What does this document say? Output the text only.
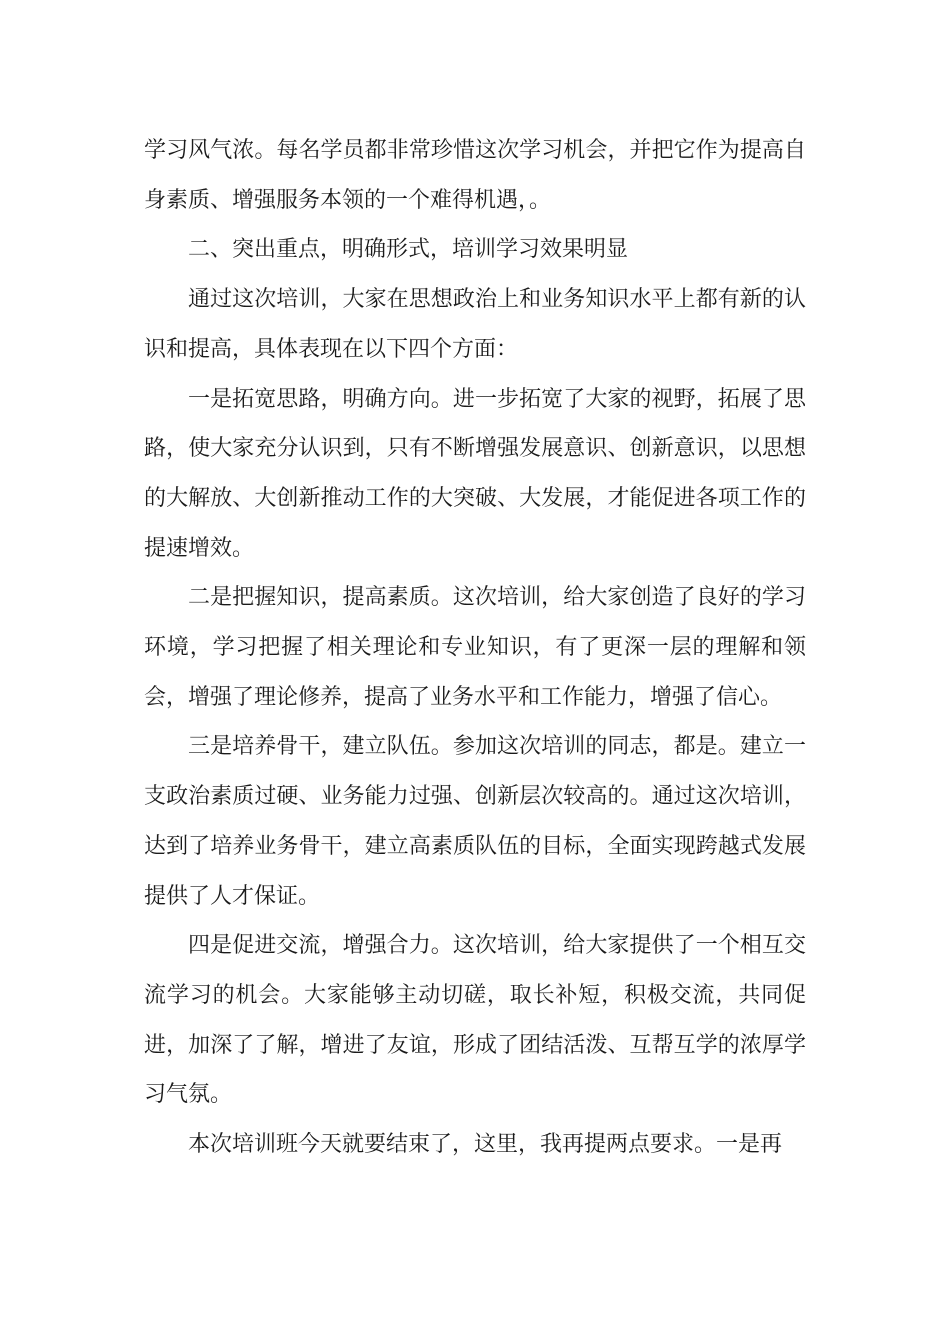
学习风气浓。每名学员都非常珍惜这次学习机会，并把它作为提高自身素质、增强服务本领的一个难得机遇，。

二、突出重点，明确形式，培训学习效果明显

通过这次培训，大家在思想政治上和业务知识水平上都有新的认识和提高，具体表现在以下四个方面：

一是拓宽思路，明确方向。进一步拓宽了大家的视野，拓展了思路，使大家充分认识到，只有不断增强发展意识、创新意识，以思想的大解放、大创新推动工作的大突破、大发展，才能促进各项工作的提速增效。

二是把握知识，提高素质。这次培训，给大家创造了良好的学习环境，学习把握了相关理论和专业知识，有了更深一层的理解和领会，增强了理论修养，提高了业务水平和工作能力，增强了信心。

三是培养骨干，建立队伍。参加这次培训的同志，都是。建立一支政治素质过硬、业务能力过强、创新层次较高的。通过这次培训，达到了培养业务骨干，建立高素质队伍的目标，全面实现跨越式发展提供了人才保证。

四是促进交流，增强合力。这次培训，给大家提供了一个相互交流学习的机会。大家能够主动切磋，取长补短，积极交流，共同促进，加深了了解，增进了友谊，形成了团结活泼、互帮互学的浓厚学习气氛。

本次培训班今天就要结束了，这里，我再提两点要求。一是再
